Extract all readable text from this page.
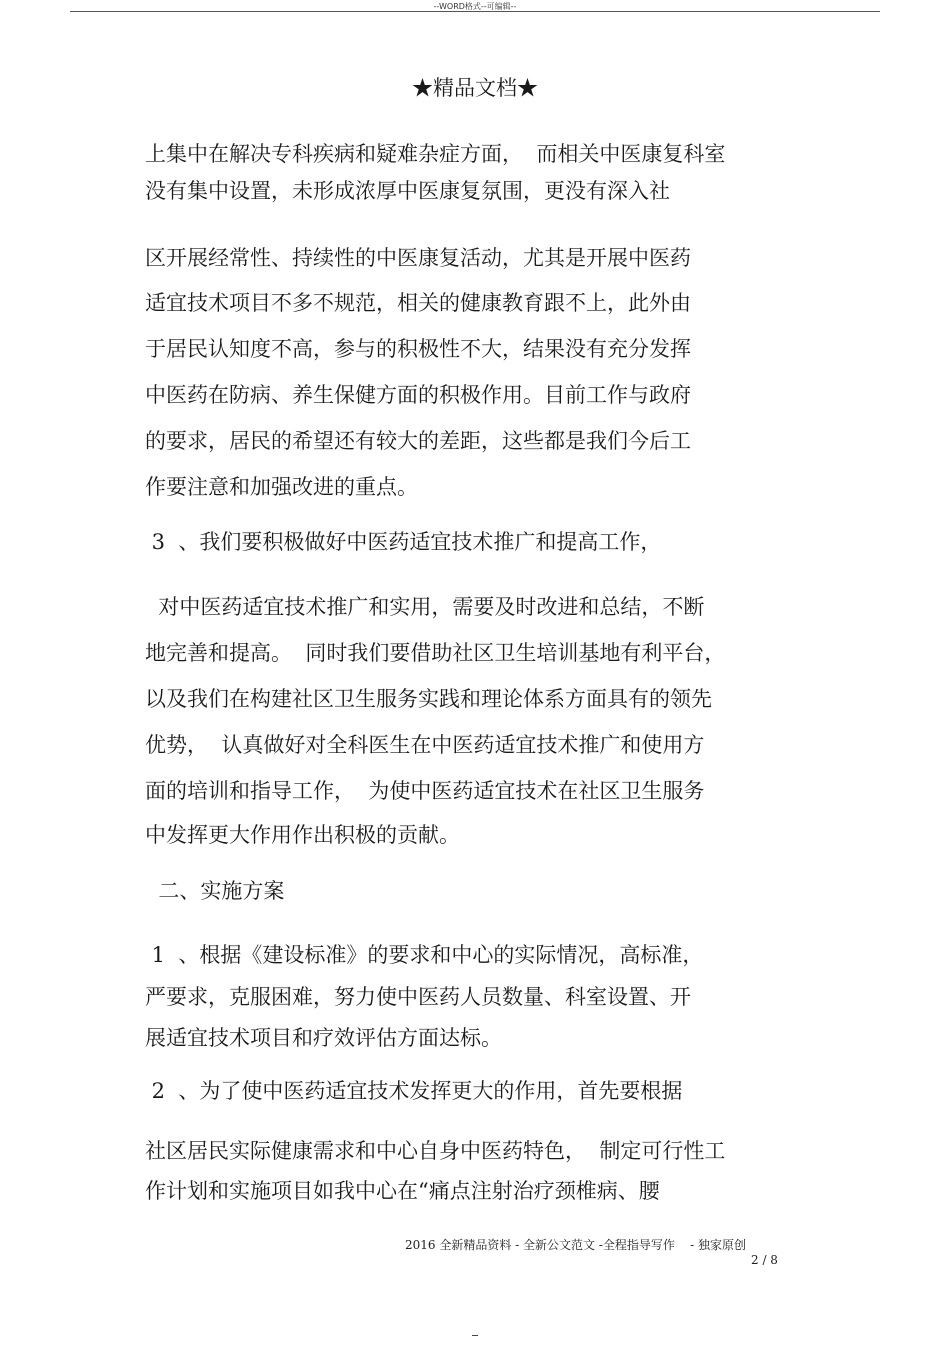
--WORD格式--可编辑--
★精品文档★
上集中在解决专科疾病和疑难杂症方面，  而相关中医康复科室
没有集中设置，未形成浓厚中医康复氛围，更没有深入社
区开展经常性、持续性的中医康复活动，尤其是开展中医药
适宜技术项目不多不规范，相关的健康教育跟不上，此外由
于居民认知度不高，参与的积极性不大，结果没有充分发挥
中医药在防病、养生保健方面的积极作用。目前工作与政府
的要求，居民的希望还有较大的差距，这些都是我们今后工
作要注意和加强改进的重点。
3  、我们要积极做好中医药适宜技术推广和提高工作，
对中医药适宜技术推广和实用，需要及时改进和总结，不断
地完善和提高。  同时我们要借助社区卫生培训基地有利平台，
以及我们在构建社区卫生服务实践和理论体系方面具有的领先
优势，  认真做好对全科医生在中医药适宜技术推广和使用方
面的培训和指导工作，  为使中医药适宜技术在社区卫生服务
中发挥更大作用作出积极的贡献。
二、实施方案
1  、根据《建设标准》的要求和中心的实际情况，高标准，
严要求，克服困难，努力使中医药人员数量、科室设置、开
展适宜技术项目和疗效评估方面达标。
2  、为了使中医药适宜技术发挥更大的作用，首先要根据
社区居民实际健康需求和中心自身中医药特色，  制定可行性工
作计划和实施项目如我中心在“痛点注射治疗颈椎病、腰
2016 全新精品资料 - 全新公文范文 -全程指导写作    - 独家原创
2 / 8
